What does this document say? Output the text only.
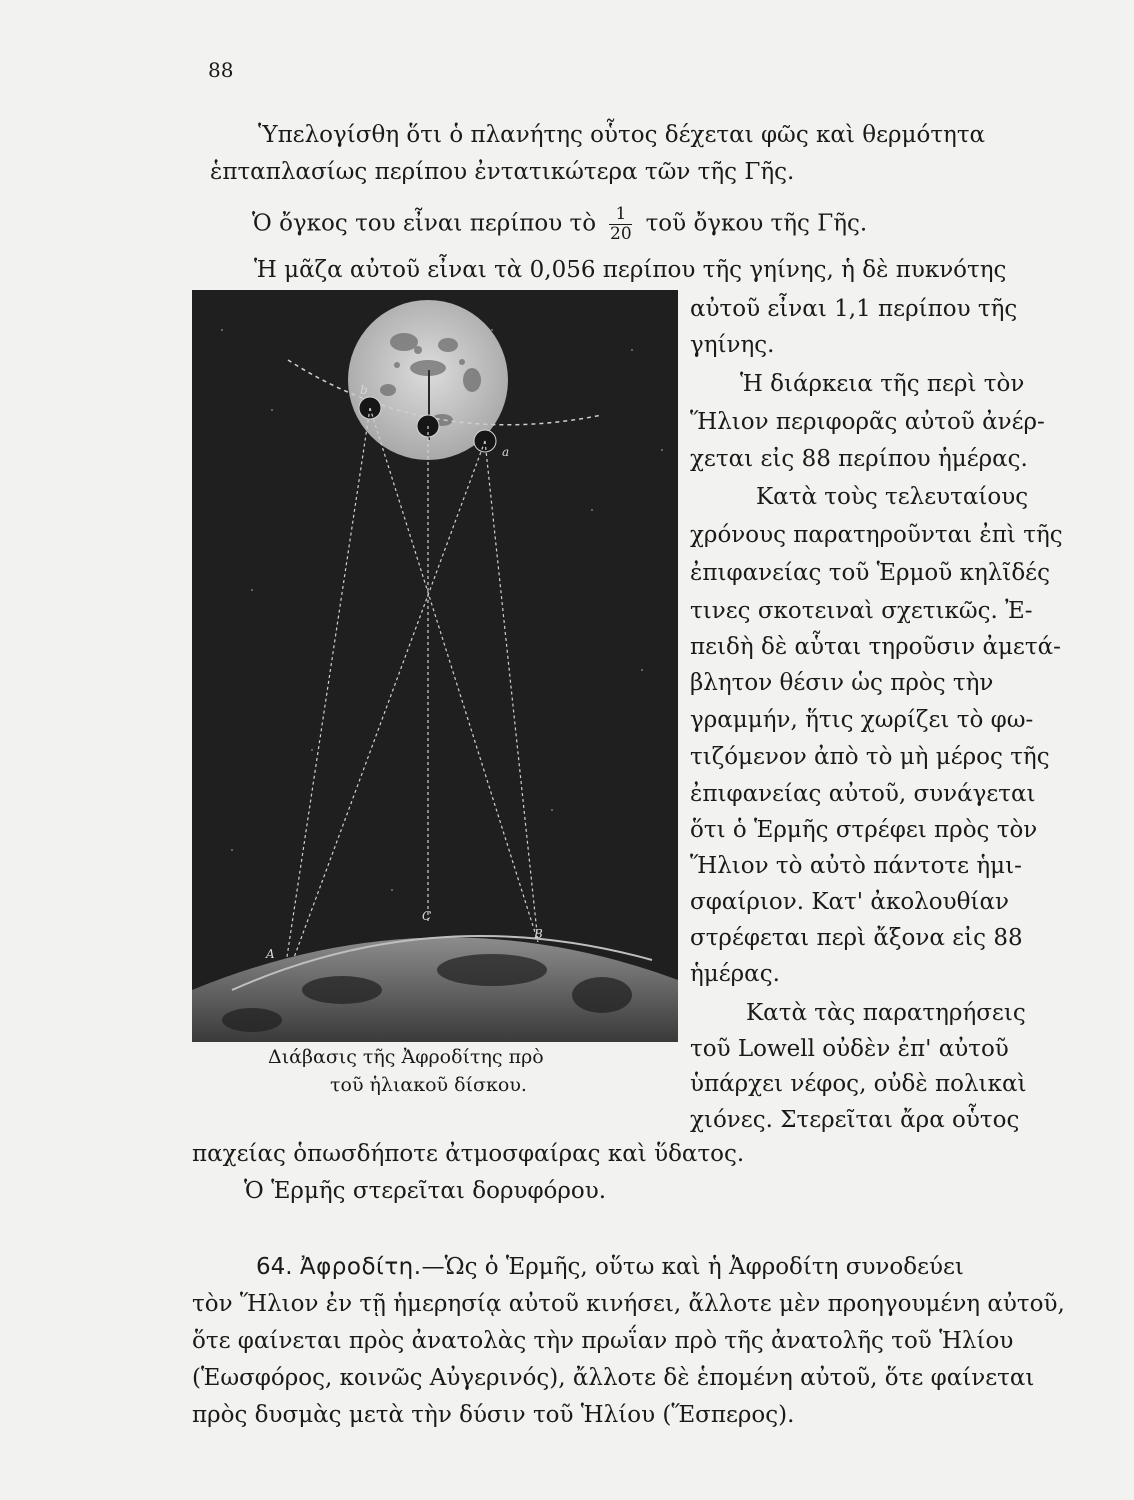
88
Ὑπελογίσθη ὅτι ὁ πλανήτης οὗτος δέχεται φῶς καὶ θερμότητα
ἑπταπλασίως περίπου ἐντατικώτερα τῶν τῆς Γῆς.
Ὁ ὄγκος του εἶναι περίπου τὸ $\frac{1}{20}$ τοῦ ὄγκου τῆς Γῆς.
Ἡ μᾶζα αὐτοῦ εἶναι τὰ 0,056 περίπου τῆς γηίνης, ἡ δὲ πυκνότης
b
a
A
C
B
Διάβασις τῆς Ἀφροδίτης πρὸ
τοῦ ἡλιακοῦ δίσκου.
αὐτοῦ εἶναι 1,1 περίπου τῆς
γηίνης.
Ἡ διάρκεια τῆς περὶ τὸν
Ἥλιον περιφορᾶς αὐτοῦ ἀνέρ-
χεται εἰς 88 περίπου ἡμέρας.
Κατὰ τοὺς τελευταίους
χρόνους παρατηροῦνται ἐπὶ τῆς
ἐπιφανείας τοῦ Ἑρμοῦ κηλῖδές
τινες σκοτειναὶ σχετικῶς. Ἐ-
πειδὴ δὲ αὗται τηροῦσιν ἀμετά-
βλητον θέσιν ὡς πρὸς τὴν
γραμμήν, ἥτις χωρίζει τὸ φω-
τιζόμενον ἀπὸ τὸ μὴ μέρος τῆς
ἐπιφανείας αὐτοῦ, συνάγεται
ὅτι ὁ Ἑρμῆς στρέφει πρὸς τὸν
Ἥλιον τὸ αὐτὸ πάντοτε ἡμι-
σφαίριον. Κατ' ἀκολουθίαν
στρέφεται περὶ ἄξονα εἰς 88
ἡμέρας.
Κατὰ τὰς παρατηρήσεις
τοῦ Lowell οὐδὲν ἐπ' αὐτοῦ
ὑπάρχει νέφος, οὐδὲ πολικαὶ
χιόνες. Στερεῖται ἄρα οὗτος
παχείας ὁπωσδήποτε ἀτμοσφαίρας καὶ ὕδατος.
Ὁ Ἑρμῆς στερεῖται δορυφόρου.
64. Ἀφροδίτη.—Ὡς ὁ Ἑρμῆς, οὕτω καὶ ἡ Ἀφροδίτη συνοδεύει
τὸν Ἥλιον ἐν τῇ ἡμερησίᾳ αὐτοῦ κινήσει, ἄλλοτε μὲν προηγουμένη αὐτοῦ,
ὅτε φαίνεται πρὸς ἀνατολὰς τὴν πρωΐαν πρὸ τῆς ἀνατολῆς τοῦ Ἡλίου
(Ἑωσφόρος, κοινῶς Αὐγερινός), ἄλλοτε δὲ ἑπομένη αὐτοῦ, ὅτε φαίνεται
πρὸς δυσμὰς μετὰ τὴν δύσιν τοῦ Ἡλίου (Ἕσπερος).
